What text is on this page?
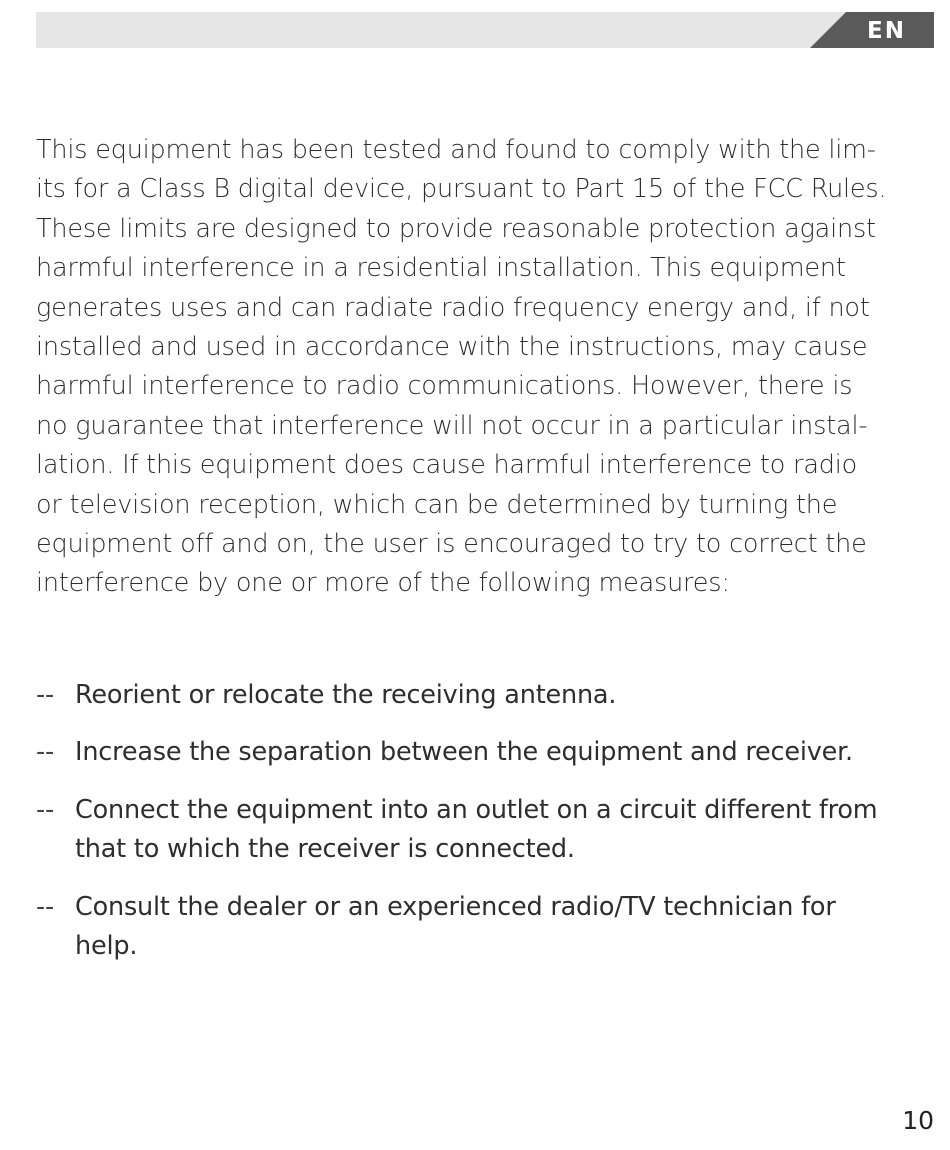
EN

This equipment has been tested and found to comply with the lim-
its for a Class B digital device, pursuant to Part 15 of the FCC Rules.
These limits are designed to provide reasonable protection against
harmful interference in a residential installation. This equipment
generates uses and can radiate radio frequency energy and, if not
installed and used in accordance with the instructions, may cause
harmful interference to radio communications. However, there is
no guarantee that interference will not occur in a particular instal-
lation. If this equipment does cause harmful interference to radio
or television reception, which can be determined by turning the
equipment off and on, the user is encouraged to try to correct the
interference by one or more of the following measures:

-- Reorient or relocate the receiving antenna.
-- Increase the separation between the equipment and receiver.
-- Connect the equipment into an outlet on a circuit different from
that to which the receiver is connected.
-- Consult the dealer or an experienced radio/TV technician for
help.
10
